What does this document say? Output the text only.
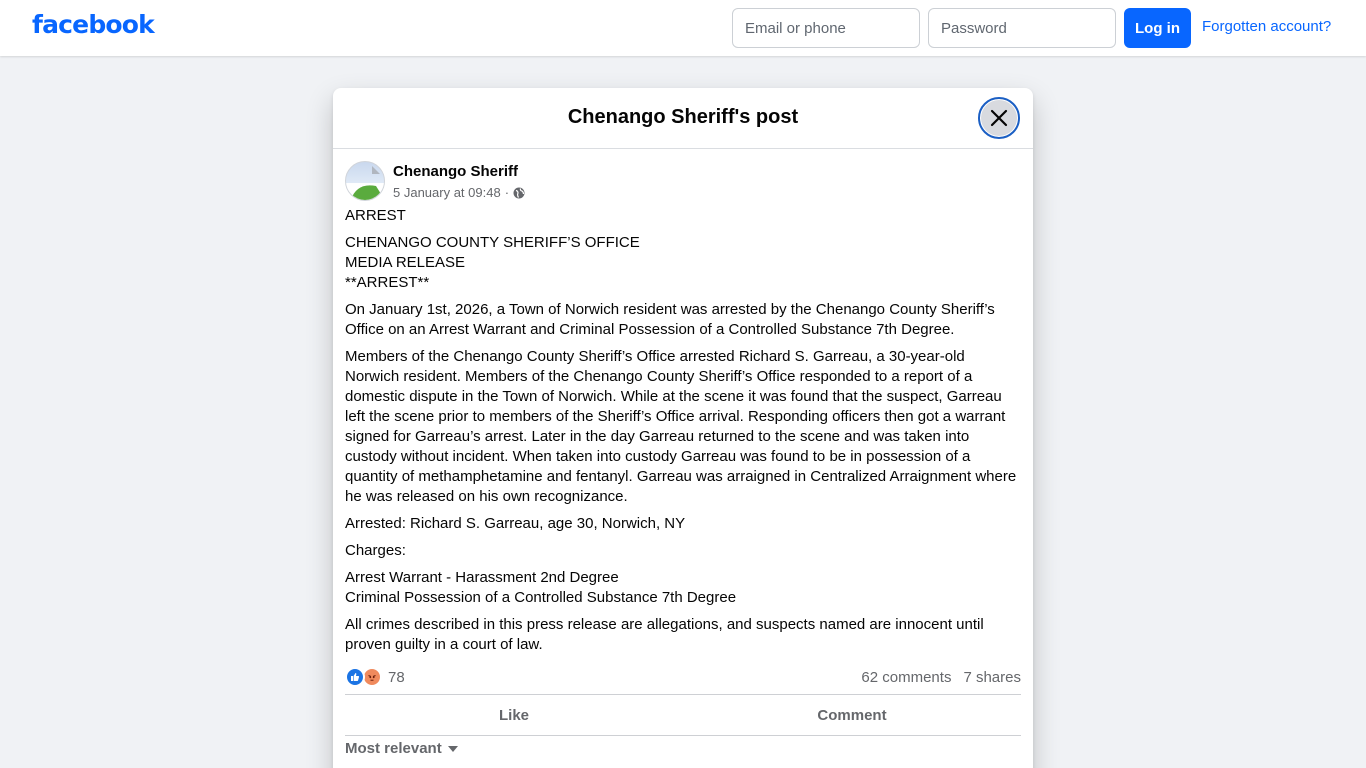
facebook
Email or phone	Log in	Forgotten account?
Chenango Sheriff's post
Chenango Sheriff
5 January at 09:48 ·

ARREST

CHENANGO COUNTY SHERIFF’S OFFICE
MEDIA RELEASE
**ARREST**

On January 1st, 2026, a Town of Norwich resident was arrested by the Chenango County Sheriff’s Office on an Arrest Warrant and Criminal Possession of a Controlled Substance 7th Degree.

Members of the Chenango County Sheriff’s Office arrested Richard S. Garreau, a 30-year-old Norwich resident. Members of the Chenango County Sheriff’s Office responded to a report of a domestic dispute in the Town of Norwich. While at the scene it was found that the suspect, Garreau left the scene prior to members of the Sheriff’s Office arrival. Responding officers then got a warrant signed for Garreau’s arrest. Later in the day Garreau returned to the scene and was taken into custody without incident. When taken into custody Garreau was found to be in possession of a quantity of methamphetamine and fentanyl. Garreau was arraigned in Centralized Arraignment where he was released on his own recognizance.

Arrested: Richard S. Garreau, age 30, Norwich, NY

Charges:

Arrest Warrant - Harassment 2nd Degree
Criminal Possession of a Controlled Substance 7th Degree

All crimes described in this press release are allegations, and suspects named are innocent until proven guilty in a court of law.

78	62 comments 7 shares
Like	Comment
Most relevant
